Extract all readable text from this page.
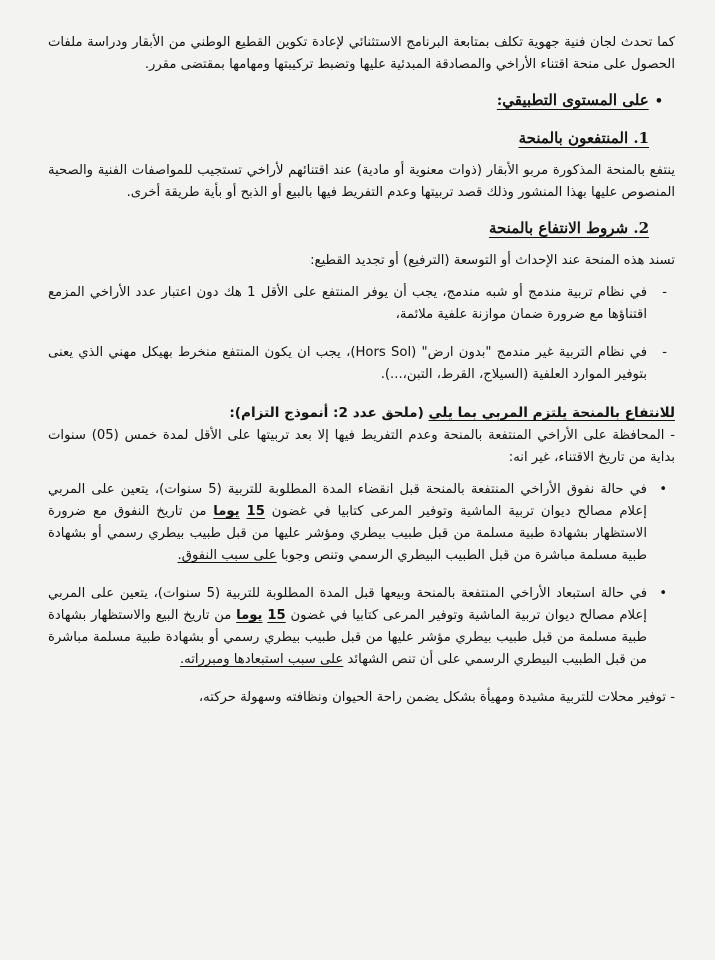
كما تحدث لجان فنية جهوية تكلف بمتابعة البرنامج الاستثنائي لإعادة تكوين القطيع الوطني من الأبقار ودراسة ملفات الحصول على منحة اقتناء الأراخي والمصادقة المبدئية عليها وتضبط تركيبتها ومهامها بمقتضى مقرر.

•على المستوى التطبيقي:
1. المنتفعون بالمنحة

ينتفع بالمنحة المذكورة مربو الأبقار (ذوات معنوية أو مادية) عند اقتنائهم لأراخي تستجيب للمواصفات الفنية والصحية المنصوص عليها بهذا المنشور وذلك قصد تربيتها وعدم التفريط فيها بالبيع أو الذبح أو بأية طريقة أخرى.

2. شروط الانتفاع بالمنحة

تسند هذه المنحة عند الإحداث أو التوسعة (الترفيع) أو تجديد القطيع:

-

في نظام تربية مندمج أو شبه مندمج، يجب أن يوفر المنتفع على الأقل 1 هك دون اعتبار عدد الأراخي المزمع اقتناؤها مع ضرورة ضمان موازنة علفية ملائمة،

-

في نظام التربية غير مندمج "بدون ارض" (Hors Sol)، يجب ان يكون المنتفع منخرط بهيكل مهني الذي يعنى بتوفير الموارد العلفية (السيلاج، القرط، التبن،...).

للانتفاع بالمنحة يلتزم المربي بما يلي (ملحق عدد 2: أنموذج التزام):

- المحافظة على الأراخي المنتفعة بالمنحة وعدم التفريط فيها إلا بعد تربيتها على الأقل لمدة خمس (05) سنوات بداية من تاريخ الاقتناء، غير انه:

•

في حالة نفوق الأراخي المنتفعة بالمنحة قبل انقضاء المدة المطلوبة للتربية (5 سنوات)، يتعين على المربي إعلام مصالح ديوان تربية الماشية وتوفير المرعى كتابيا في غضون 15 يوما من تاريخ النفوق مع ضرورة الاستظهار بشهادة طبية مسلمة من قبل طبيب بيطري ومؤشر عليها من قبل طبيب بيطري رسمي أو بشهادة طبية مسلمة مباشرة من قبل الطبيب البيطري الرسمي وتنص وجوبا على سبب النفوق.

•

في حالة استبعاد الأراخي المنتفعة بالمنحة وبيعها قبل المدة المطلوبة للتربية (5 سنوات)، يتعين على المربي إعلام مصالح ديوان تربية الماشية وتوفير المرعى كتابيا في غضون 15 يوما من تاريخ البيع والاستظهار بشهادة طبية مسلمة من قبل طبيب بيطري مؤشر عليها من قبل طبيب بيطري رسمي أو بشهادة طبية مسلمة مباشرة من قبل الطبيب البيطري الرسمي على أن تنص الشهائد على سبب استبعادها ومبرراته.

- توفير محلات للتربية مشيدة ومهيأة بشكل يضمن راحة الحيوان ونظافته وسهولة حركته،
